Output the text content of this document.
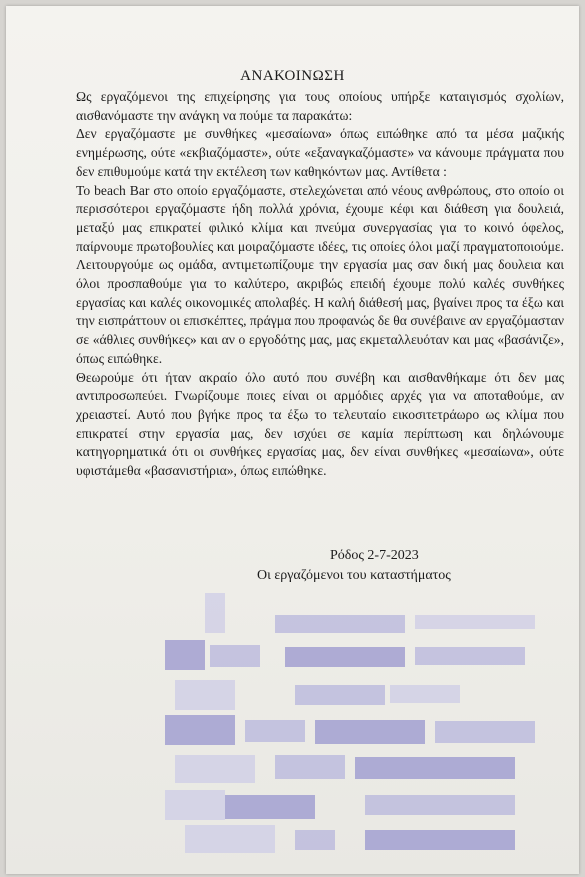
ΑΝΑΚΟΙΝΩΣΗ

Ως εργαζόμενοι της επιχείρησης για τους οποίους υπήρξε καταιγισμός σχολίων, αισθανόμαστε την ανάγκη να πούμε τα παρακάτω:

Δεν εργαζόμαστε με συνθήκες «μεσαίωνα» όπως ειπώθηκε από τα μέσα μαζικής ενημέρωσης, ούτε «εκβιαζόμαστε», ούτε «εξαναγκαζόμαστε» να κάνουμε πράγματα που δεν επιθυμούμε κατά την εκτέλεση των καθηκόντων μας. Αντίθετα :

Το beach Bar στο οποίο εργαζόμαστε, στελεχώνεται από νέους ανθρώπους, στο οποίο οι περισσότεροι εργαζόμαστε ήδη πολλά χρόνια, έχουμε κέφι και διάθεση για δουλειά, μεταξύ μας επικρατεί φιλικό κλίμα και πνεύμα συνεργασίας για το κοινό όφελος, παίρνουμε πρωτοβουλίες και μοιραζόμαστε ιδέες, τις οποίες όλοι μαζί πραγματοποιούμε. Λειτουργούμε ως ομάδα, αντιμετωπίζουμε την εργασία μας σαν δική μας δουλεια και όλοι προσπαθούμε για το καλύτερο, ακριβώς επειδή έχουμε πολύ καλές συνθήκες εργασίας και καλές οικονομικές απολαβές. Η καλή διάθεσή μας, βγαίνει προς τα έξω και την εισπράττουν οι επισκέπτες, πράγμα που προφανώς δε θα συνέβαινε αν εργαζόμασταν σε «άθλιες συνθήκες» και αν ο εργοδότης μας, μας εκμεταλλευόταν και μας «βασάνιζε», όπως ειπώθηκε.

Θεωρούμε ότι ήταν ακραίο όλο αυτό που συνέβη και αισθανθήκαμε ότι δεν μας αντιπροσωπεύει. Γνωρίζουμε ποιες είναι οι αρμόδιες αρχές για να αποταθούμε, αν χρειαστεί. Αυτό που βγήκε προς τα έξω το τελευταίο εικοσιτετράωρο ως κλίμα που επικρατεί στην εργασία μας, δεν ισχύει σε καμία περίπτωση και δηλώνουμε κατηγορηματικά ότι οι συνθήκες εργασίας μας, δεν είναι συνθήκες «μεσαίωνα», ούτε υφιστάμεθα «βασανιστήρια», όπως ειπώθηκε.

Ρόδος 2-7-2023
Οι εργαζόμενοι του καταστήματος
